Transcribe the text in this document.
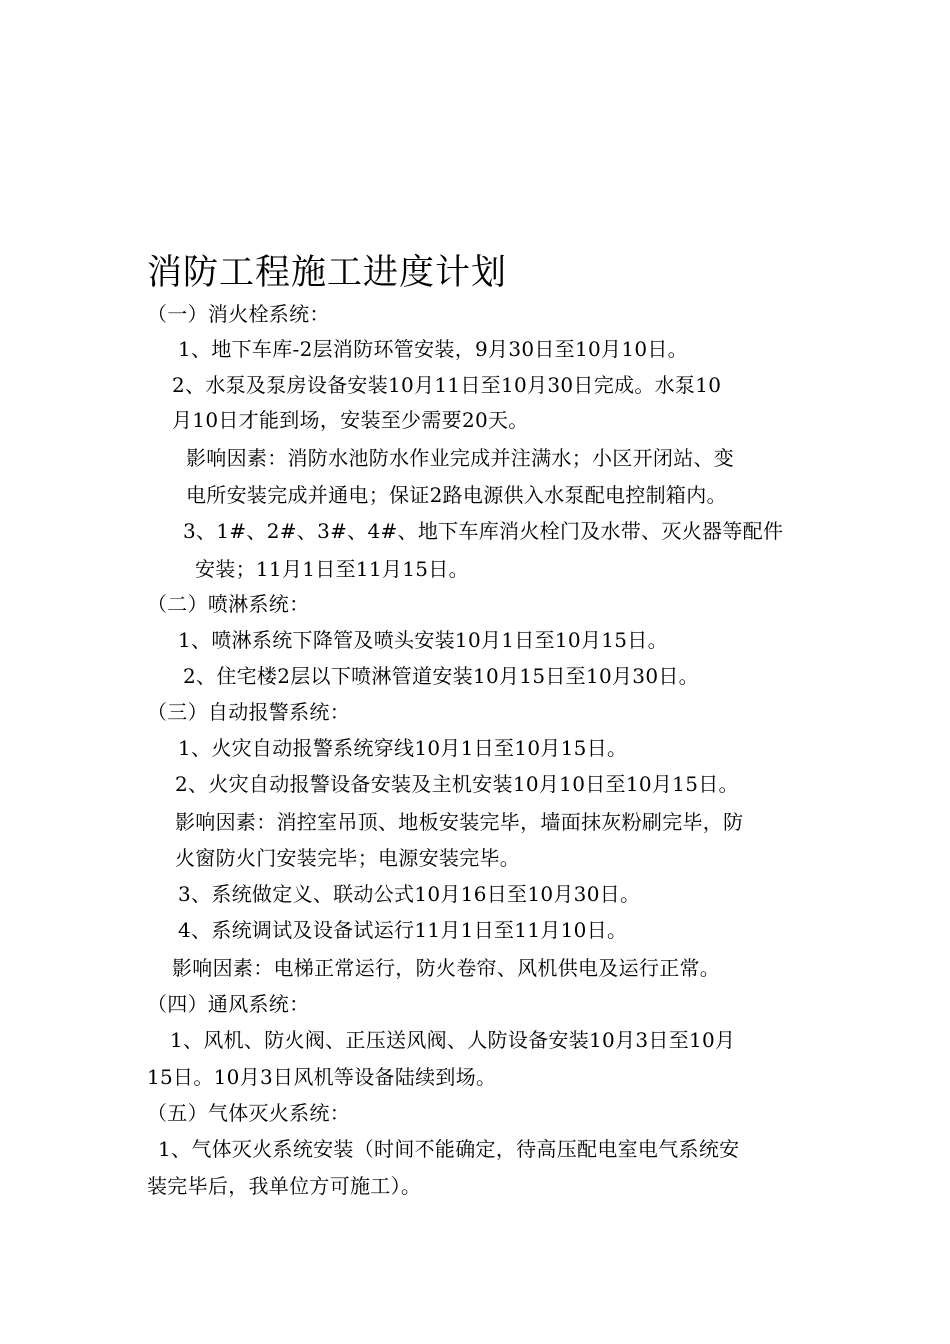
消防工程施工进度计划
（一）消火栓系统：
1、地下车库-2层消防环管安装，9月30日至10月10日。
2、水泵及泵房设备安装10月11日至10月30日完成。水泵10
月10日才能到场，安装至少需要20天。
影响因素：消防水池防水作业完成并注满水；小区开闭站、变
电所安装完成并通电；保证2路电源供入水泵配电控制箱内。
3、1#、2#、3#、4#、地下车库消火栓门及水带、灭火器等配件
安装；11月1日至11月15日。
（二）喷淋系统：
1、喷淋系统下降管及喷头安装10月1日至10月15日。
2、住宅楼2层以下喷淋管道安装10月15日至10月30日。
（三）自动报警系统：
1、火灾自动报警系统穿线10月1日至10月15日。
2、火灾自动报警设备安装及主机安装10月10日至10月15日。
影响因素：消控室吊顶、地板安装完毕，墙面抹灰粉刷完毕，防
火窗防火门安装完毕；电源安装完毕。
3、系统做定义、联动公式10月16日至10月30日。
4、系统调试及设备试运行11月1日至11月10日。
影响因素：电梯正常运行，防火卷帘、风机供电及运行正常。
（四）通风系统：
1、风机、防火阀、正压送风阀、人防设备安装10月3日至10月
15日。10月3日风机等设备陆续到场。
（五）气体灭火系统：
1、气体灭火系统安装（时间不能确定，待高压配电室电气系统安
装完毕后，我单位方可施工）。
